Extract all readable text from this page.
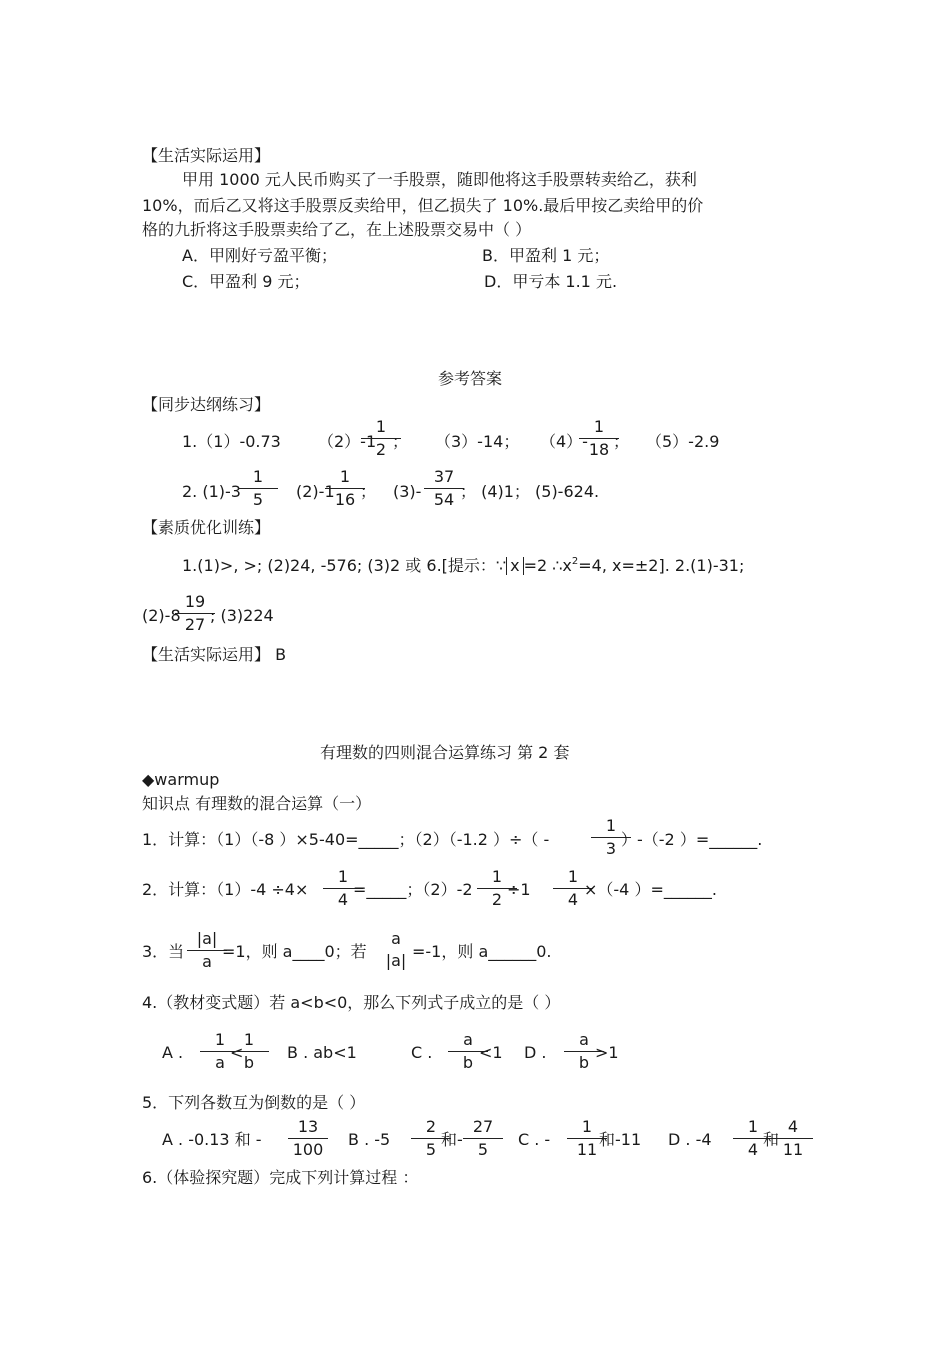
【生活实际运用】
甲用 1000 元人民币购买了一手股票，随即他将这手股票转卖给乙，获利
10%，而后乙又将这手股票反卖给甲，但乙损失了 10%.最后甲按乙卖给甲的价
格的九折将这手股票卖给了乙，在上述股票交易中（ ）
A．甲刚好亏盈平衡；	B．甲盈利 1 元；
C．甲盈利 9 元；	D．甲亏本 1.1 元.
参考答案
【同步达纲练习】
1.（1）-0.73 （2）-1
1
2 ； （3）-14； （4）-
1
18 ； （5）-2.9
2. (1)-3
1
5	(2)-1
1
16 ； (3)-
37
54 ； (4)1； (5)-624.
【素质优化训练】
1.(1)>, >; (2)24, -576; (3)2 或 6.[提示：∵ x =2 $\therefore x^2=4$, x=±2]. 2.(1)-31;
(2)-8
19
27 ; (3)224
【生活实际运用】 B
有理数的四则混合运算练习 第 2 套
◆warmup
知识点 有理数的混合运算（一）
1．计算：（1）（-8 ）×5-40=_____；（2）（-1.2 ）÷（ -
1
3 ）-（-2 ）=______.
2．计算：（1）-4 ÷4×
1
4
=_____；（2）-2
1
2
÷1
1
4
×（-4 ）=______.
3．当
|a|
a
=1，则 a____0；若
a
|a| =-1，则 a______0.
4.（教材变式题）若 a<b<0，那么下列式子成立的是（ ）
A .
1
a
<
1
b
B . ab<1	C .
a
b
<1 D .
a
b
>1
5．下列各数互为倒数的是（ ）
A . -0.13 和 -
13
100
B . -5
2
5
和-
27
5
C . -
1
11
和-11 D . -4
1
4
和
4
11
6.（体验探究题）完成下列计算过程 ：
